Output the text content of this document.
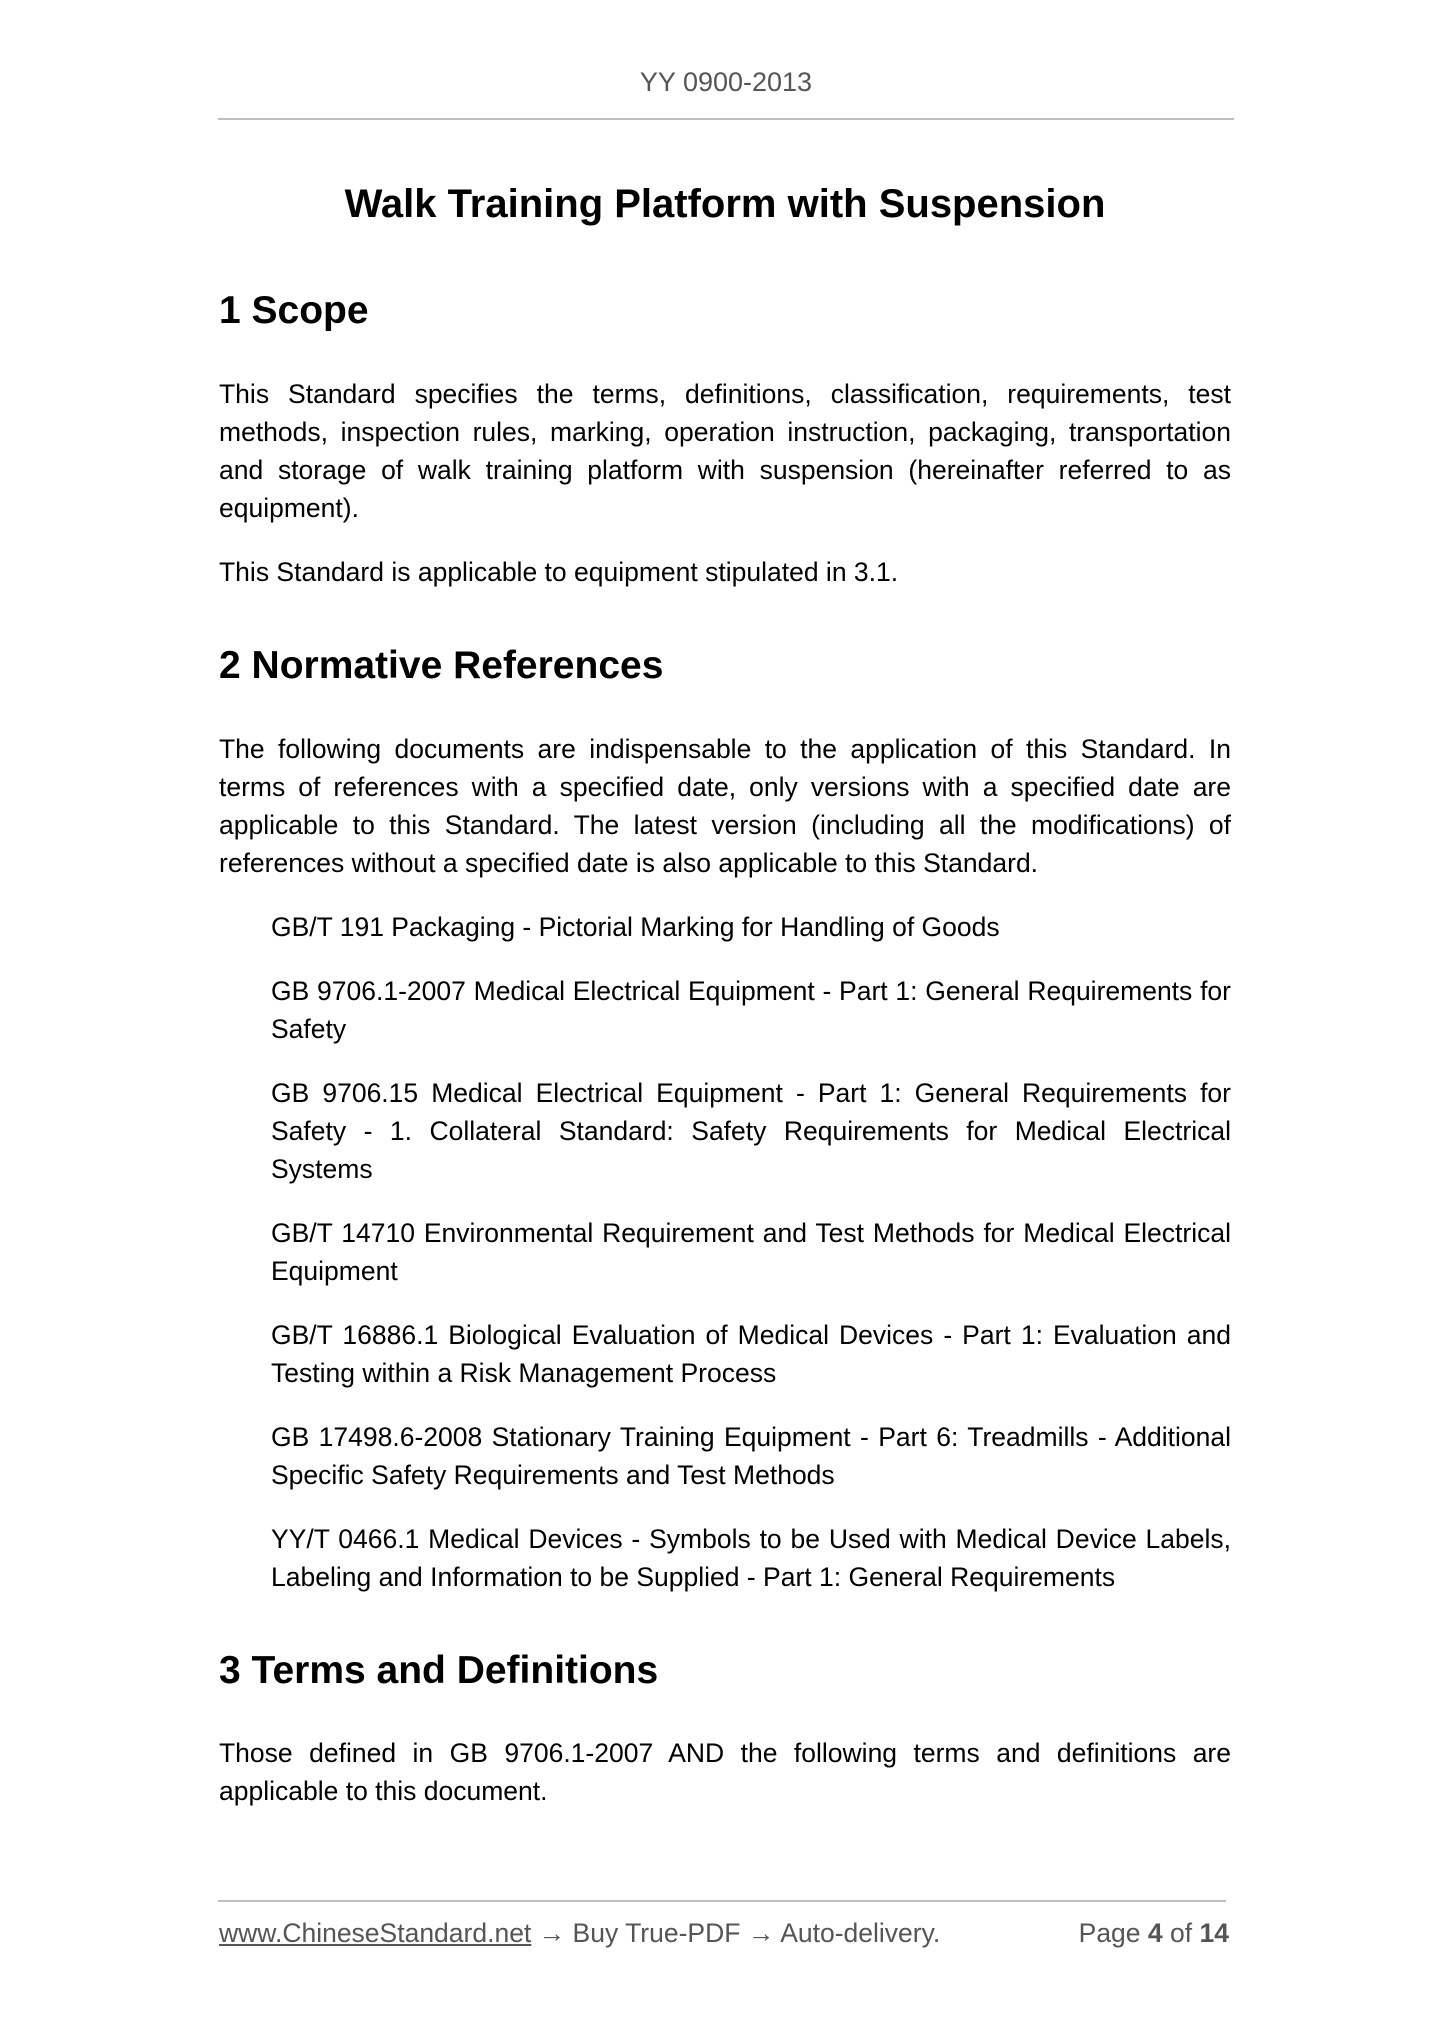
YY 0900-2013
Walk Training Platform with Suspension
1 Scope

This Standard specifies the terms, definitions, classification, requirements, test methods, inspection rules, marking, operation instruction, packaging, transportation and storage of walk training platform with suspension (hereinafter referred to as equipment).

This Standard is applicable to equipment stipulated in 3.1.

2 Normative References

The following documents are indispensable to the application of this Standard. In terms of references with a specified date, only versions with a specified date are applicable to this Standard. The latest version (including all the modifications) of references without a specified date is also applicable to this Standard.

GB/T 191 Packaging - Pictorial Marking for Handling of Goods

GB 9706.1-2007 Medical Electrical Equipment - Part 1: General Requirements for Safety

GB 9706.15 Medical Electrical Equipment - Part 1: General Requirements for Safety - 1. Collateral Standard: Safety Requirements for Medical Electrical Systems

GB/T 14710 Environmental Requirement and Test Methods for Medical Electrical Equipment

GB/T 16886.1 Biological Evaluation of Medical Devices - Part 1: Evaluation and Testing within a Risk Management Process

GB 17498.6-2008 Stationary Training Equipment - Part 6: Treadmills - Additional Specific Safety Requirements and Test Methods

YY/T 0466.1 Medical Devices - Symbols to be Used with Medical Device Labels, Labeling and Information to be Supplied - Part 1: General Requirements

3 Terms and Definitions

Those defined in GB 9706.1-2007 AND the following terms and definitions are applicable to this document.

www.ChineseStandard.net → Buy True-PDF → Auto-delivery.	Page 4 of 14
